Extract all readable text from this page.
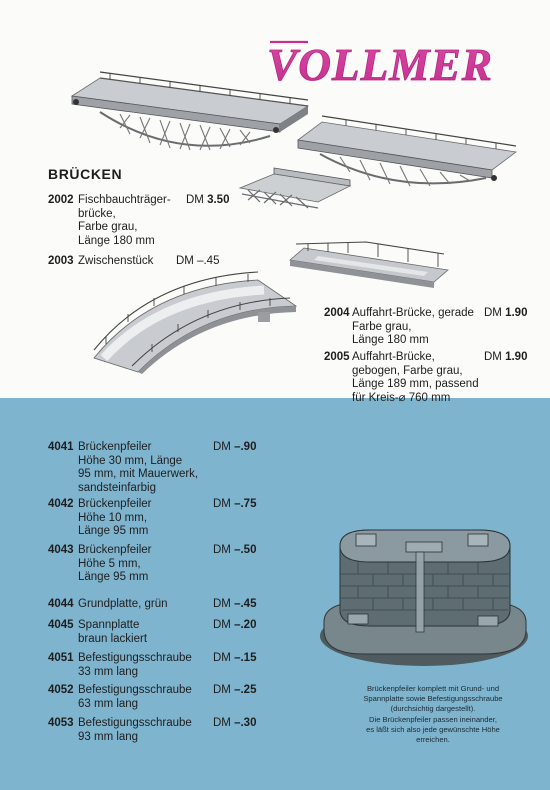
VOLLMER
BRÜCKEN
2002 Fischbauchträger-
brücke,
Farbe grau,
Länge 180 mm
DM 3.50
2003 Zwischenstück DM –.45
2004 Auffahrt-Brücke, gerade
Farbe grau,
Länge 180 mm
DM 1.90
2005 Auffahrt-Brücke,
gebogen, Farbe grau,
Länge 189 mm, passend
für Kreis-⌀ 760 mm
DM 1.90
4041 Brückenpfeiler
Höhe 30 mm, Länge
95 mm, mit Mauerwerk,
sandsteinfarbig
DM –.90
4042 Brückenpfeiler
Höhe 10 mm,
Länge 95 mm
DM –.75
4043 Brückenpfeiler
Höhe 5 mm,
Länge 95 mm
DM –.50
4044 Grundplatte, grün	DM –.45
4045 Spannplatte
braun lackiert
DM –.20
4051 Befestigungsschraube
33 mm lang
DM –.15
4052 Befestigungsschraube
63 mm lang
DM –.25
4053 Befestigungsschraube
93 mm lang
DM –.30
Brückenpfeiler komplett mit Grund- und
Spannplatte sowie Befestigungsschraube
(durchsichtig dargestellt).
Die Brückenpfeiler passen ineinander,
es läßt sich also jede gewünschte Höhe
erreichen.
